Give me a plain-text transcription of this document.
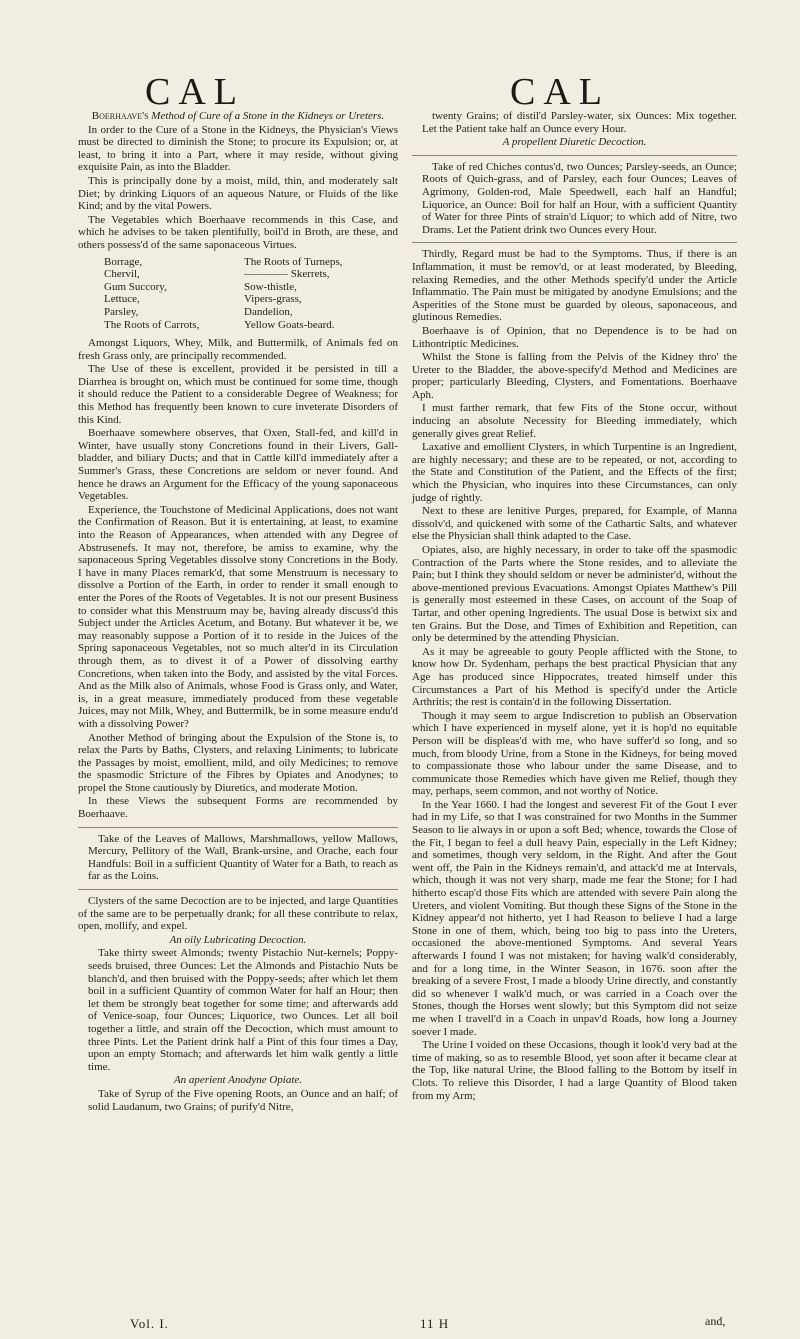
CAL	CAL

Boerhaave's Method of Cure of a Stone in the Kidneys or Ureters.

In order to the Cure of a Stone in the Kidneys, the Physician's Views must be directed to diminish the Stone; to procure its Expulsion; or, at least, to bring it into a Part, where it may reside, without giving exquisite Pain, as into the Bladder.

This is principally done by a moist, mild, thin, and moderately salt Diet; by drinking Liquors of an aqueous Nature, or Fluids of the like Kind; and by the vital Powers.

The Vegetables which Boerhaave recommends in this Case, and which he advises to be taken plentifully, boil'd in Broth, are these, and others possess'd of the same saponaceous Virtues.

Borrage,	The Roots of Turneps,
Chervil,	———— Skerrets,
Gum Succory,	Sow-thistle,
Lettuce,	Vipers-grass,
Parsley,	Dandelion,
The Roots of Carrots,	Yellow Goats-beard.

Amongst Liquors, Whey, Milk, and Buttermilk, of Animals fed on fresh Grass only, are principally recommended.

The Use of these is excellent, provided it be persisted in till a Diarrhea is brought on, which must be continued for some time, though it should reduce the Patient to a considerable Degree of Weakness; for this Method has frequently been known to cure inveterate Disorders of this Kind.

Boerhaave somewhere observes, that Oxen, Stall-fed, and kill'd in Winter, have usually stony Concretions found in their Livers, Gall-bladder, and biliary Ducts; and that in Cattle kill'd immediately after a Summer's Grass, these Concretions are seldom or never found. And hence he draws an Argument for the Efficacy of the young saponaceous Vegetables.

Experience, the Touchstone of Medicinal Applications, does not want the Confirmation of Reason. But it is entertaining, at least, to examine into the Reason of Appearances, when attended with any Degree of Abstrusenefs. It may not, therefore, be amiss to examine, why the saponaceous Spring Vegetables dissolve stony Concretions in the Body. I have in many Places remark'd, that some Menstruum is necessary to dissolve a Portion of the Earth, in order to render it small enough to enter the Pores of the Roots of Vegetables. It is not our present Business to consider what this Menstruum may be, having already discuss'd this Subject under the Articles Acetum, and Botany. But whatever it be, we may reasonably suppose a Portion of it to reside in the Juices of the Spring saponaceous Vegetables, not so much alter'd in its Circulation through them, as to divest it of a Power of dissolving earthy Concretions, when taken into the Body, and assisted by the vital Forces. And as the Milk also of Animals, whose Food is Grass only, and Water, is, in a great measure, immediately produced from these vegetable Juices, may not Milk, Whey, and Buttermilk, be in some measure endu'd with a dissolving Power?

Another Method of bringing about the Expulsion of the Stone is, to relax the Parts by Baths, Clysters, and relaxing Liniments; to lubricate the Passages by moist, emollient, mild, and oily Medicines; to remove the spasmodic Stricture of the Fibres by Opiates and Anodynes; to propel the Stone cautiously by Diuretics, and moderate Motion.

In these Views the subsequent Forms are recommended by Boerhaave.

Take of the Leaves of Mallows, Marshmallows, yellow Mallows, Mercury, Pellitory of the Wall, Brank-ursine, and Orache, each four Handfuls: Boil in a sufficient Quantity of Water for a Bath, to reach as far as the Loins.

Clysters of the same Decoction are to be injected, and large Quantities of the same are to be perpetually drank; for all these contribute to relax, open, mollify, and expel.

An oily Lubricating Decoction.

Take thirty sweet Almonds; twenty Pistachio Nut-kernels; Poppy-seeds bruised, three Ounces: Let the Almonds and Pistachio Nuts be blanch'd, and then bruised with the Poppy-seeds; after which let them boil in a sufficient Quantity of common Water for half an Hour; then let them be strongly beat together for some time; and afterwards add of Venice-soap, four Ounces; Liquorice, two Ounces. Let all boil together a little, and strain off the Decoction, which must amount to three Pints. Let the Patient drink half a Pint of this four times a Day, upon an empty Stomach; and afterwards let him walk gently a little time.

An aperient Anodyne Opiate.

Take of Syrup of the Five opening Roots, an Ounce and an half; of solid Laudanum, two Grains; of purify'd Nitre,

twenty Grains; of distil'd Parsley-water, six Ounces: Mix together. Let the Patient take half an Ounce every Hour.

A propellent Diuretic Decoction.

Take of red Chiches contus'd, two Ounces; Parsley-seeds, an Ounce; Roots of Quich-grass, and of Parsley, each four Ounces; Leaves of Agrimony, Golden-rod, Male Speedwell, each half an Handful; Liquorice, an Ounce: Boil for half an Hour, with a sufficient Quantity of Water for three Pints of strain'd Liquor; to which add of Nitre, two Drams. Let the Patient drink two Ounces every Hour.

Thirdly, Regard must be had to the Symptoms. Thus, if there is an Inflammation, it must be remov'd, or at least moderated, by Bleeding, relaxing Remedies, and the other Methods specify'd under the Article Inflammatio. The Pain must be mitigated by anodyne Emulsions; and the Asperities of the Stone must be guarded by oleous, saponaceous, and glutinous Remedies.

Boerhaave is of Opinion, that no Dependence is to be had on Lithontriptic Medicines.

Whilst the Stone is falling from the Pelvis of the Kidney thro' the Ureter to the Bladder, the above-specify'd Method and Medicines are proper; particularly Bleeding, Clysters, and Fomentations. Boerhaave Aph.

I must farther remark, that few Fits of the Stone occur, without inducing an absolute Necessity for Bleeding immediately, which generally gives great Relief.

Laxative and emollient Clysters, in which Turpentine is an Ingredient, are highly necessary; and these are to be repeated, or not, according to the State and Constitution of the Patient, and the Effects of the first; which the Physician, who inquires into these Circumstances, can only judge of rightly.

Next to these are lenitive Purges, prepared, for Example, of Manna dissolv'd, and quickened with some of the Cathartic Salts, and whatever else the Physician shall think adapted to the Case.

Opiates, also, are highly necessary, in order to take off the spasmodic Contraction of the Parts where the Stone resides, and to alleviate the Pain; but I think they should seldom or never be administer'd, without the above-mentioned previous Evacuations. Amongst Opiates Matthew's Pill is generally most esteemed in these Cases, on account of the Soap of Tartar, and other opening Ingredients. The usual Dose is betwixt six and ten Grains. But the Dose, and Times of Exhibition and Repetition, can only be determined by the attending Physician.

As it may be agreeable to gouty People afflicted with the Stone, to know how Dr. Sydenham, perhaps the best practical Physician that any Age has produced since Hippocrates, treated himself under this Circumstances a Part of his Method is specify'd under the Article Arthritis; the rest is contain'd in the following Dissertation.

Though it may seem to argue Indiscretion to publish an Observation which I have experienced in myself alone, yet it is hop'd no equitable Person will be displeas'd with me, who have suffer'd so long, and so much, from bloody Urine, from a Stone in the Kidneys, for being moved to compassionate those who labour under the same Disease, and to communicate those Remedies which have given me Relief, though they may, perhaps, seem common, and not worthy of Notice.

In the Year 1660. I had the longest and severest Fit of the Gout I ever had in my Life, so that I was constrained for two Months in the Summer Season to lie always in or upon a soft Bed; whence, towards the Close of the Fit, I began to feel a dull heavy Pain, especially in the Left Kidney; and sometimes, though very seldom, in the Right. And after the Gout went off, the Pain in the Kidneys remain'd, and attack'd me at Intervals, which, though it was not very sharp, made me fear the Stone; for I had hitherto escap'd those Fits which are attended with severe Pain along the Ureters, and violent Vomiting. But though these Signs of the Stone in the Kidney appear'd not hitherto, yet I had Reason to believe I had a large Stone in one of them, which, being too big to pass into the Ureters, occasioned the above-mentioned Symptoms. And several Years afterwards I found I was not mistaken; for having walk'd considerably, and for a long time, in the Winter Season, in 1676. soon after the breaking of a severe Frost, I made a bloody Urine directly, and constantly did so whenever I walk'd much, or was carried in a Coach over the Stones, though the Horses went slowly; but this Symptom did not seize me when I travell'd in a Coach in unpav'd Roads, how long a Journey soever I made.

The Urine I voided on these Occasions, though it look'd very bad at the time of making, so as to resemble Blood, yet soon after it became clear at the Top, like natural Urine, the Blood falling to the Bottom by itself in Clots. To relieve this Disorder, I had a large Quantity of Blood taken from my Arm;

Vol. I.	11 H	and,
